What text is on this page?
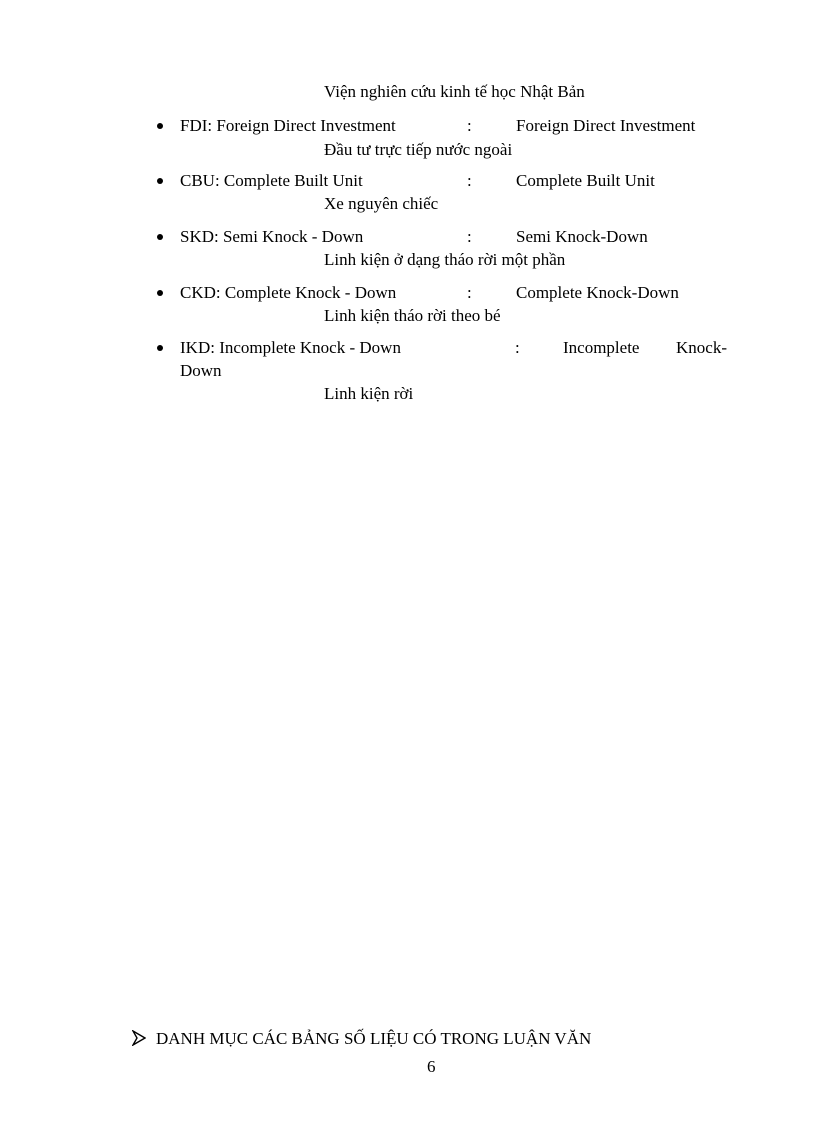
Viện nghiên cứu kinh tế học Nhật Bản
FDI: Foreign Direct Investment	:	Foreign Direct Investment
Đầu tư trực tiếp nước ngoài
CBU: Complete Built Unit	:	Complete Built Unit
Xe nguyên chiếc
SKD: Semi Knock - Down	:	Semi Knock-Down
Linh kiện ở dạng tháo rời một phần
CKD: Complete Knock - Down	:	Complete Knock-Down
Linh kiện tháo rời theo bé
IKD: Incomplete Knock - Down	:	Incomplete Knock-
Down
Linh kiện rời
DANH MỤC CÁC BẢNG SỐ LIỆU CÓ TRONG LUẬN VĂN
6
